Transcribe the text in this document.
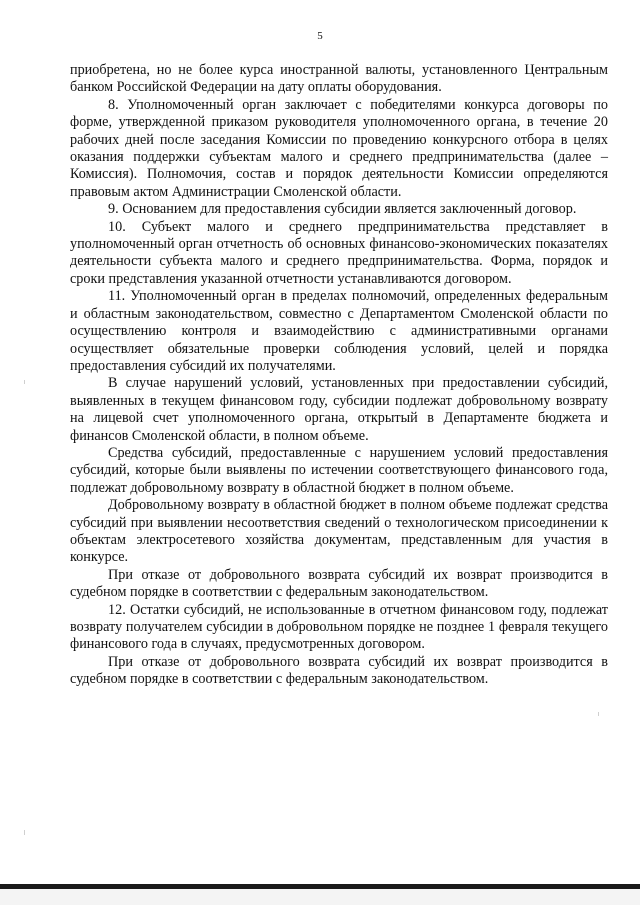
5

приобретена, но не более курса иностранной валюты, установленного Центральным банком Российской Федерации на дату оплаты оборудования.

8. Уполномоченный орган заключает с победителями конкурса договоры по форме, утвержденной приказом руководителя уполномоченного органа, в течение 20 рабочих дней после заседания Комиссии по проведению конкурсного отбора в целях оказания поддержки субъектам малого и среднего предпринимательства (далее – Комиссия). Полномочия, состав и порядок деятельности Комиссии определяются правовым актом Администрации Смоленской области.

9. Основанием для предоставления субсидии является заключенный договор.

10. Субъект малого и среднего предпринимательства представляет в уполномоченный орган отчетность об основных финансово-экономических показателях деятельности субъекта малого и среднего предпринимательства. Форма, порядок и сроки представления указанной отчетности устанавливаются договором.

11. Уполномоченный орган в пределах полномочий, определенных федеральным и областным законодательством, совместно с Департаментом Смоленской области по осуществлению контроля и взаимодействию с административными органами осуществляет обязательные проверки соблюдения условий, целей и порядка предоставления субсидий их получателями.

В случае нарушений условий, установленных при предоставлении субсидий, выявленных в текущем финансовом году, субсидии подлежат добровольному возврату на лицевой счет уполномоченного органа, открытый в Департаменте бюджета и финансов Смоленской области, в полном объеме.

Средства субсидий, предоставленные с нарушением условий предоставления субсидий, которые были выявлены по истечении соответствующего финансового года, подлежат добровольному возврату в областной бюджет в полном объеме.

Добровольному возврату в областной бюджет в полном объеме подлежат средства субсидий при выявлении несоответствия сведений о технологическом присоединении к объектам электросетевого хозяйства документам, представленным для участия в конкурсе.

При отказе от добровольного возврата субсидий их возврат производится в судебном порядке в соответствии с федеральным законодательством.

12. Остатки субсидий, не использованные в отчетном финансовом году, подлежат возврату получателем субсидии в добровольном порядке не позднее 1 февраля текущего финансового года в случаях, предусмотренных договором.

При отказе от добровольного возврата субсидий их возврат производится в судебном порядке в соответствии с федеральным законодательством.
